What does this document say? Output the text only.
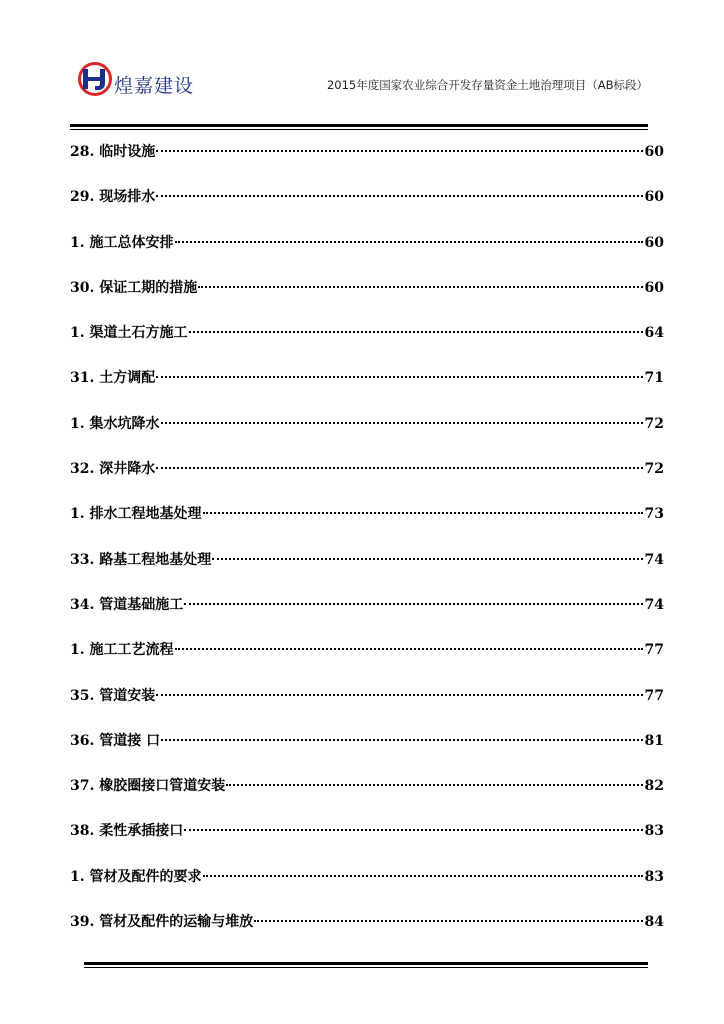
煌嘉建设	2015年度国家农业综合开发存量资金土地治理项目（AB标段）
28. 临时设施	60
29. 现场排水	60
1. 施工总体安排	60
30. 保证工期的措施	60
1. 渠道土石方施工	64
31. 土方调配	71
1. 集水坑降水	72
32. 深井降水	72
1. 排水工程地基处理	73
33. 路基工程地基处理	74
34. 管道基础施工	74
1. 施工工艺流程	77
35. 管道安装	77
36. 管道接 口	81
37. 橡胶圈接口管道安装	82
38. 柔性承插接口	83
1. 管材及配件的要求	83
39. 管材及配件的运输与堆放	84
